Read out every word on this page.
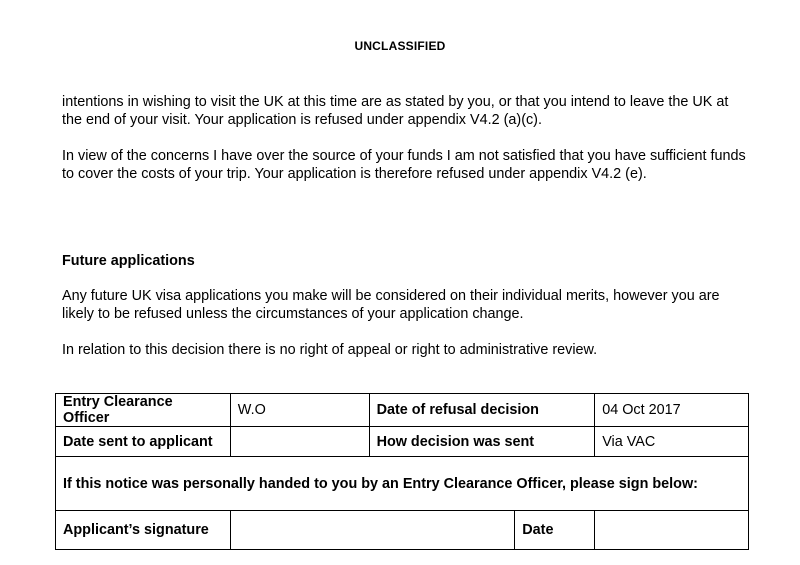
UNCLASSIFIED

intentions in wishing to visit the UK at this time are as stated by you, or that you intend to leave the UK at the end of your visit. Your application is refused under appendix V4.2 (a)(c).

In view of the concerns I have over the source of your funds I am not satisfied that you have sufficient funds to cover the costs of your trip. Your application is therefore refused under appendix V4.2 (e).

Future applications

Any future UK visa applications you make will be considered on their individual merits, however you are likely to be refused unless the circumstances of your application change.

In relation to this decision there is no right of appeal or right to administrative review.

Entry Clearance Officer	W.O	Date of refusal decision		04 Oct 2017
Date sent to applicant		How decision was sent		Via VAC
If this notice was personally handed to you by an Entry Clearance Officer, please sign below:				
Applicant’s signature			Date	
